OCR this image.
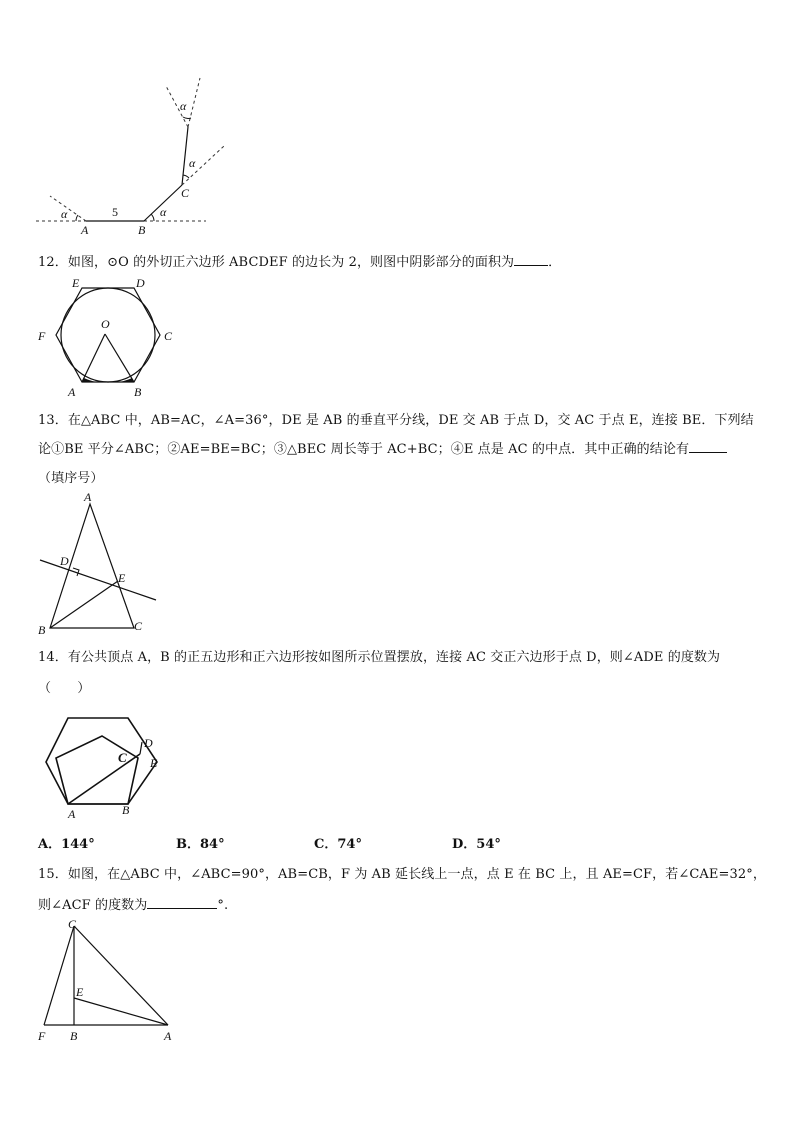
α	5	α
α
α
A	B
C
12．如图，⊙O 的外切正六边形 ABCDEF 的边长为 2，则图中阴影部分的面积为	．
E	D
F	C
O
A	B
13．在△ABC 中，AB=AC，∠A=36°，DE 是 AB 的垂直平分线，DE 交 AB 于点 D，交 AC 于点 E，连接 BE．下列结
论①BE 平分∠ABC；②AE=BE=BC；③△BEC 周长等于 AC+BC；④E 点是 AC 的中点．其中正确的结论有
（填序号）
A
D
E
B	C
14．有公共顶点 A，B 的正五边形和正六边形按如图所示位置摆放，连接 AC 交正六边形于点 D，则∠ADE 的度数为
（　　）
C
D
E
A	B
A．144°	B．84°	C．74°	D．54°
15．如图，在△ABC 中，∠ABC=90°，AB=CB，F 为 AB 延长线上一点，点 E 在 BC 上，且 AE=CF，若∠CAE=32°，
则∠ACF 的度数为	°.
C
E
F B	A
